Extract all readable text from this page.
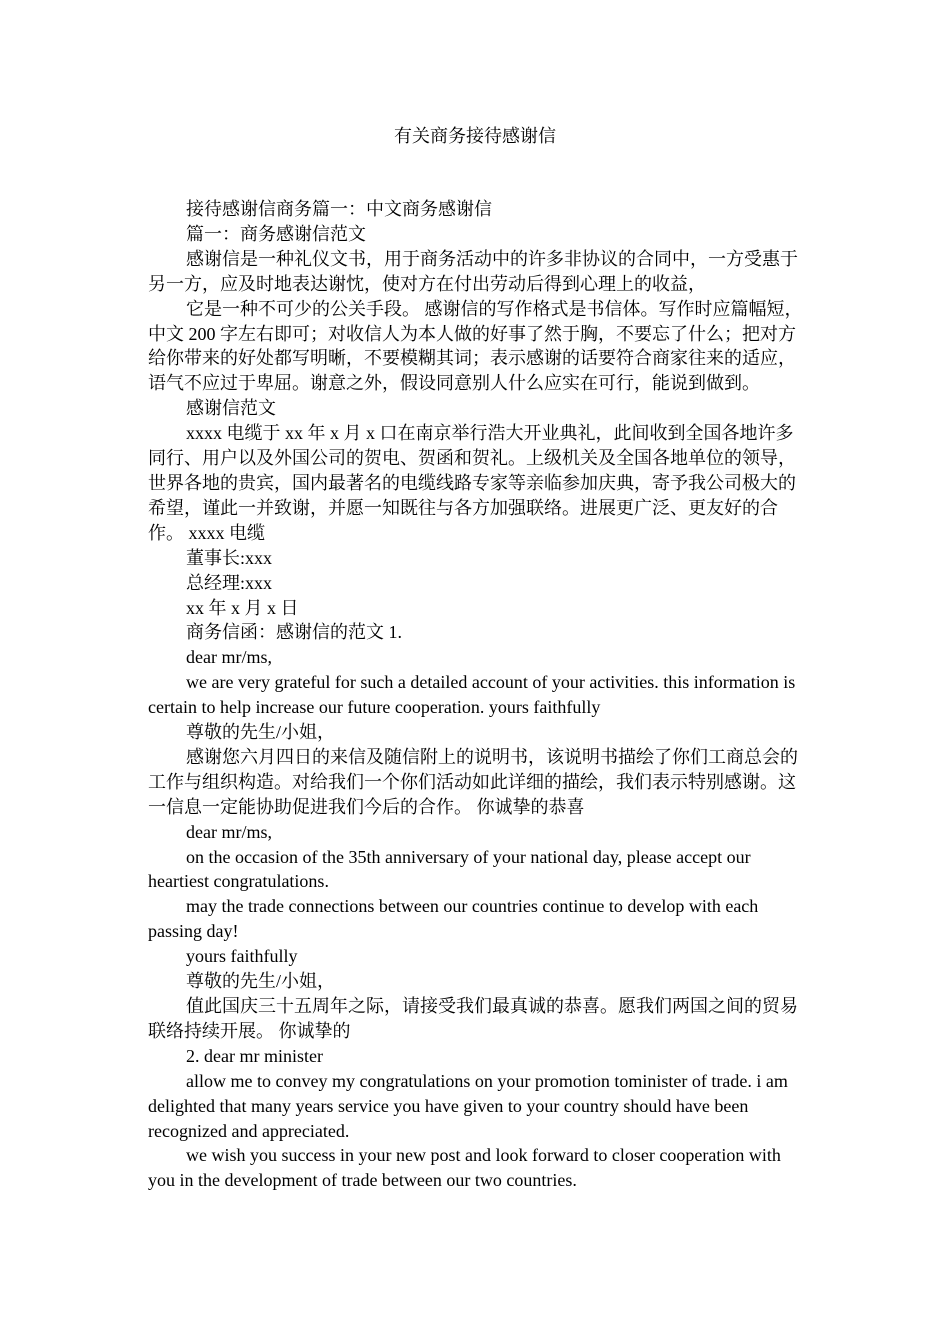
有关商务接待感谢信

接待感谢信商务篇一：中文商务感谢信

篇一：商务感谢信范文

感谢信是一种礼仪文书，用于商务活动中的许多非协议的合同中，一方受惠于另一方，应及时地表达谢忱，使对方在付出劳动后得到心理上的收益，

它是一种不可少的公关手段。 感谢信的写作格式是书信体。写作时应篇幅短，中文 200 字左右即可；对收信人为本人做的好事了然于胸，不要忘了什么；把对方给你带来的好处都写明晰，不要模糊其词；表示感谢的话要符合商家往来的适应，语气不应过于卑屈。谢意之外，假设同意别人什么应实在可行，能说到做到。

感谢信范文

xxxx 电缆于 xx 年 x 月 x 口在南京举行浩大开业典礼，此间收到全国各地许多同行、用户以及外国公司的贺电、贺函和贺礼。上级机关及全国各地单位的领导，世界各地的贵宾，国内最著名的电缆线路专家等亲临参加庆典，寄予我公司极大的希望，谨此一并致谢，并愿一知既往与各方加强联络。进展更广泛、更友好的合作。 xxxx 电缆

董事长:xxx

总经理:xxx

xx 年 x 月 x 日

商务信函：感谢信的范文 1.

dear mr/ms,

we are very grateful for such a detailed account of your activities. this information is certain to help increase our future cooperation. yours faithfully

尊敬的先生/小姐，

感谢您六月四日的来信及随信附上的说明书，该说明书描绘了你们工商总会的工作与组织构造。对给我们一个你们活动如此详细的描绘，我们表示特别感谢。这一信息一定能协助促进我们今后的合作。 你诚挚的恭喜

dear mr/ms,

on the occasion of the 35th anniversary of your national day, please accept our heartiest congratulations.

may the trade connections between our countries continue to develop with each passing day!

yours faithfully

尊敬的先生/小姐，

值此国庆三十五周年之际，请接受我们最真诚的恭喜。愿我们两国之间的贸易联络持续开展。 你诚挚的

2. dear mr minister

allow me to convey my congratulations on your promotion tominister of trade. i am delighted that many years service you have given to your country should have been recognized and appreciated.

we wish you success in your new post and look forward to closer cooperation with you in the development of trade between our two countries.
